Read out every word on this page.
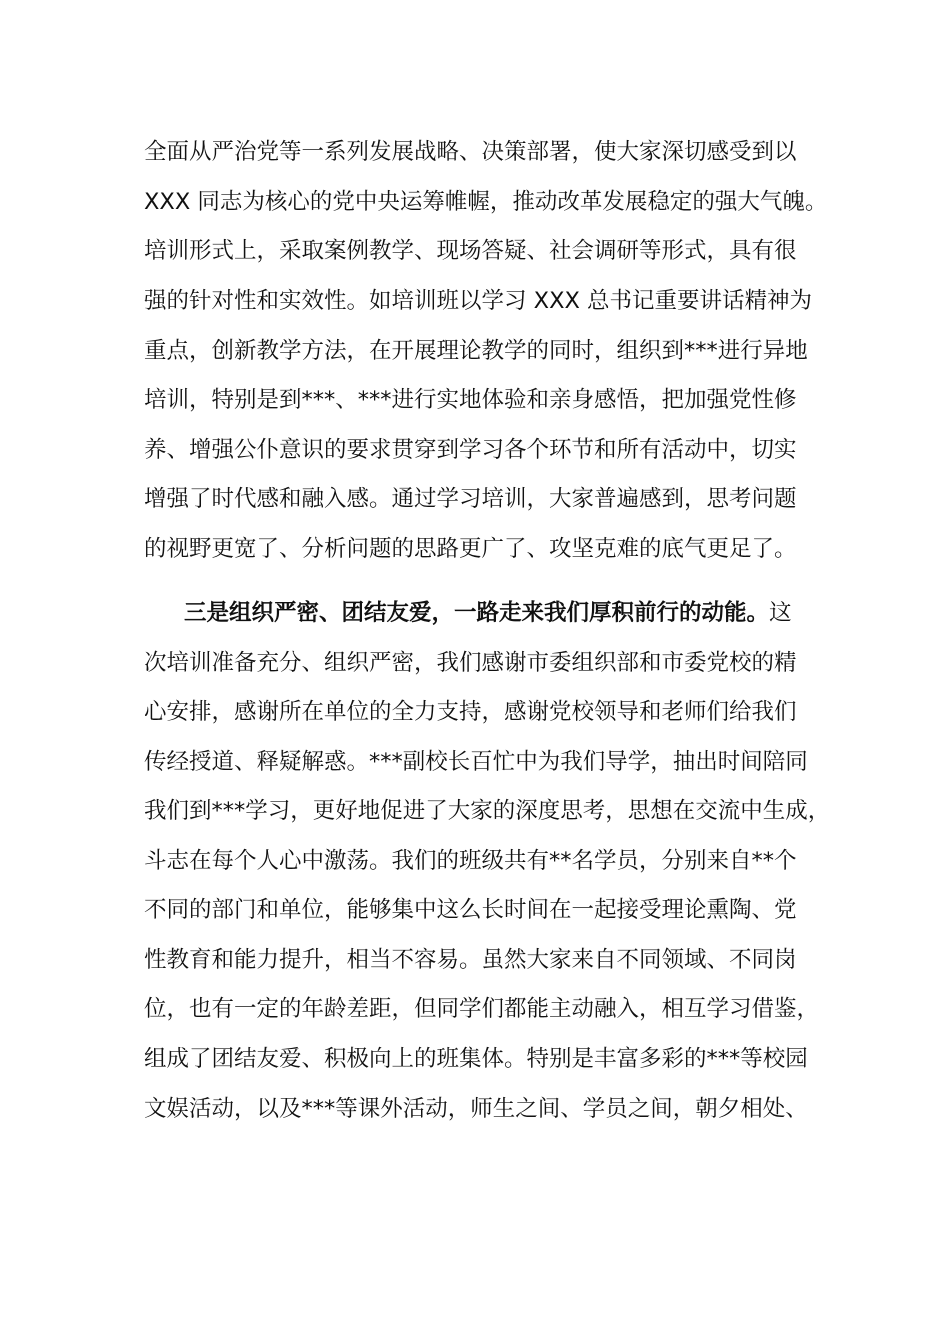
全面从严治党等一系列发展战略、决策部署，使大家深切感受到以
XXX 同志为核心的党中央运筹帷幄，推动改革发展稳定的强大气魄。
培训形式上，采取案例教学、现场答疑、社会调研等形式，具有很
强的针对性和实效性。如培训班以学习 XXX 总书记重要讲话精神为
重点，创新教学方法，在开展理论教学的同时，组织到***进行异地
培训，特别是到***、***进行实地体验和亲身感悟，把加强党性修
养、增强公仆意识的要求贯穿到学习各个环节和所有活动中，切实
增强了时代感和融入感。通过学习培训，大家普遍感到，思考问题
的视野更宽了、分析问题的思路更广了、攻坚克难的底气更足了。
三是组织严密、团结友爱，一路走来我们厚积前行的动能。这
次培训准备充分、组织严密，我们感谢市委组织部和市委党校的精
心安排，感谢所在单位的全力支持，感谢党校领导和老师们给我们
传经授道、释疑解惑。***副校长百忙中为我们导学，抽出时间陪同
我们到***学习，更好地促进了大家的深度思考，思想在交流中生成，
斗志在每个人心中激荡。我们的班级共有**名学员，分别来自**个
不同的部门和单位，能够集中这么长时间在一起接受理论熏陶、党
性教育和能力提升，相当不容易。虽然大家来自不同领域、不同岗
位，也有一定的年龄差距，但同学们都能主动融入，相互学习借鉴，
组成了团结友爱、积极向上的班集体。特别是丰富多彩的***等校园
文娱活动，以及***等课外活动，师生之间、学员之间，朝夕相处、
